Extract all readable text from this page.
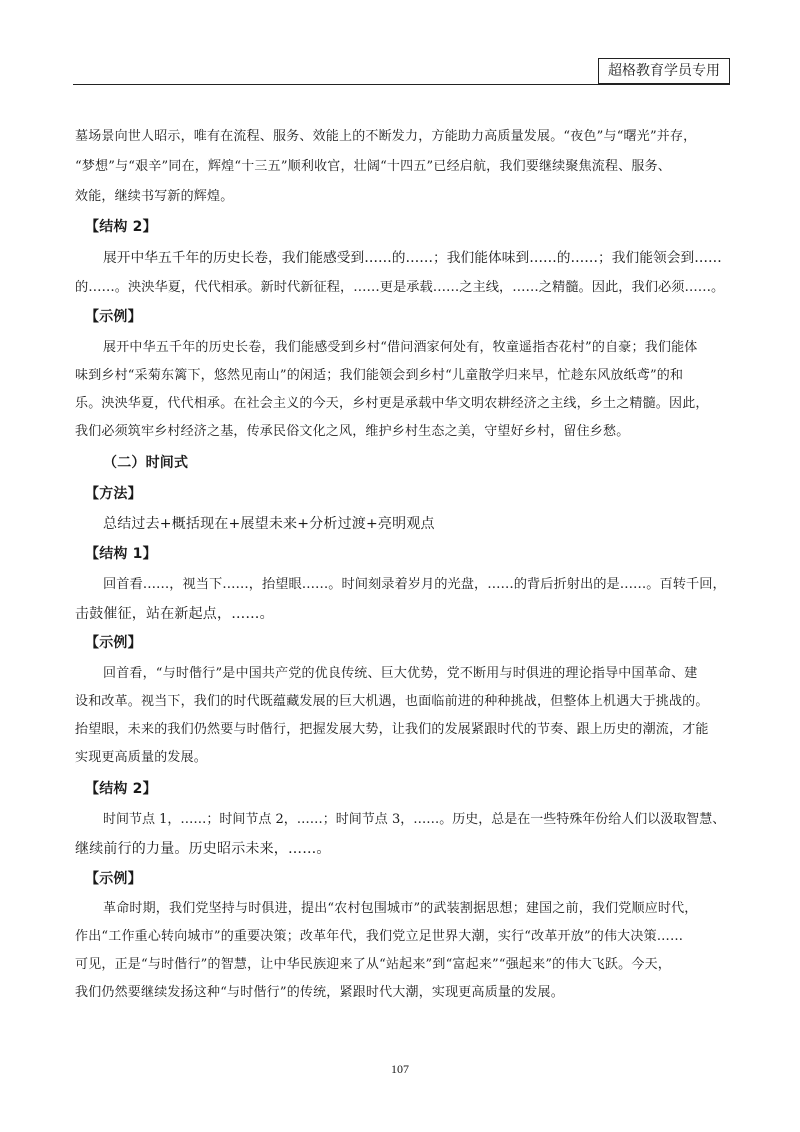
超格教育学员专用
墓场景向世人昭示，唯有在流程、服务、效能上的不断发力，方能助力高质量发展。“夜色”与“曙光”并存，
“梦想”与“艰辛”同在，辉煌“十三五”顺利收官，壮阔“十四五”已经启航，我们要继续聚焦流程、服务、
效能，继续书写新的辉煌。
【结构 2】
展开中华五千年的历史长卷，我们能感受到……的……；我们能体味到……的……；我们能领会到……
的……。泱泱华夏，代代相承。新时代新征程，……更是承载……之主线，……之精髓。因此，我们必须……。
【示例】
展开中华五千年的历史长卷，我们能感受到乡村“借问酒家何处有，牧童遥指杏花村”的自豪；我们能体
味到乡村“采菊东篱下，悠然见南山”的闲适；我们能领会到乡村“儿童散学归来早，忙趁东风放纸鸢”的和
乐。泱泱华夏，代代相承。在社会主义的今天，乡村更是承载中华文明农耕经济之主线，乡土之精髓。因此，
我们必须筑牢乡村经济之基，传承民俗文化之风，维护乡村生态之美，守望好乡村，留住乡愁。
（二）时间式
【方法】
总结过去+概括现在+展望未来+分析过渡+亮明观点
【结构 1】
回首看……，视当下……，抬望眼……。时间刻录着岁月的光盘，……的背后折射出的是……。百转千回，
击鼓催征，站在新起点，……。
【示例】
回首看，“与时偕行”是中国共产党的优良传统、巨大优势，党不断用与时俱进的理论指导中国革命、建
设和改革。视当下，我们的时代既蕴藏发展的巨大机遇，也面临前进的种种挑战，但整体上机遇大于挑战的。
抬望眼，未来的我们仍然要与时偕行，把握发展大势，让我们的发展紧跟时代的节奏、跟上历史的潮流，才能
实现更高质量的发展。
【结构 2】
时间节点 1，……；时间节点 2，……；时间节点 3，……。历史，总是在一些特殊年份给人们以汲取智慧、
继续前行的力量。历史昭示未来，……。
【示例】
革命时期，我们党坚持与时俱进，提出“农村包围城市”的武装割据思想；建国之前，我们党顺应时代，
作出“工作重心转向城市”的重要决策；改革年代，我们党立足世界大潮，实行“改革开放”的伟大决策……
可见，正是“与时偕行”的智慧，让中华民族迎来了从“站起来”到“富起来”“强起来”的伟大飞跃。今天，
我们仍然要继续发扬这种“与时偕行”的传统，紧跟时代大潮，实现更高质量的发展。
107
